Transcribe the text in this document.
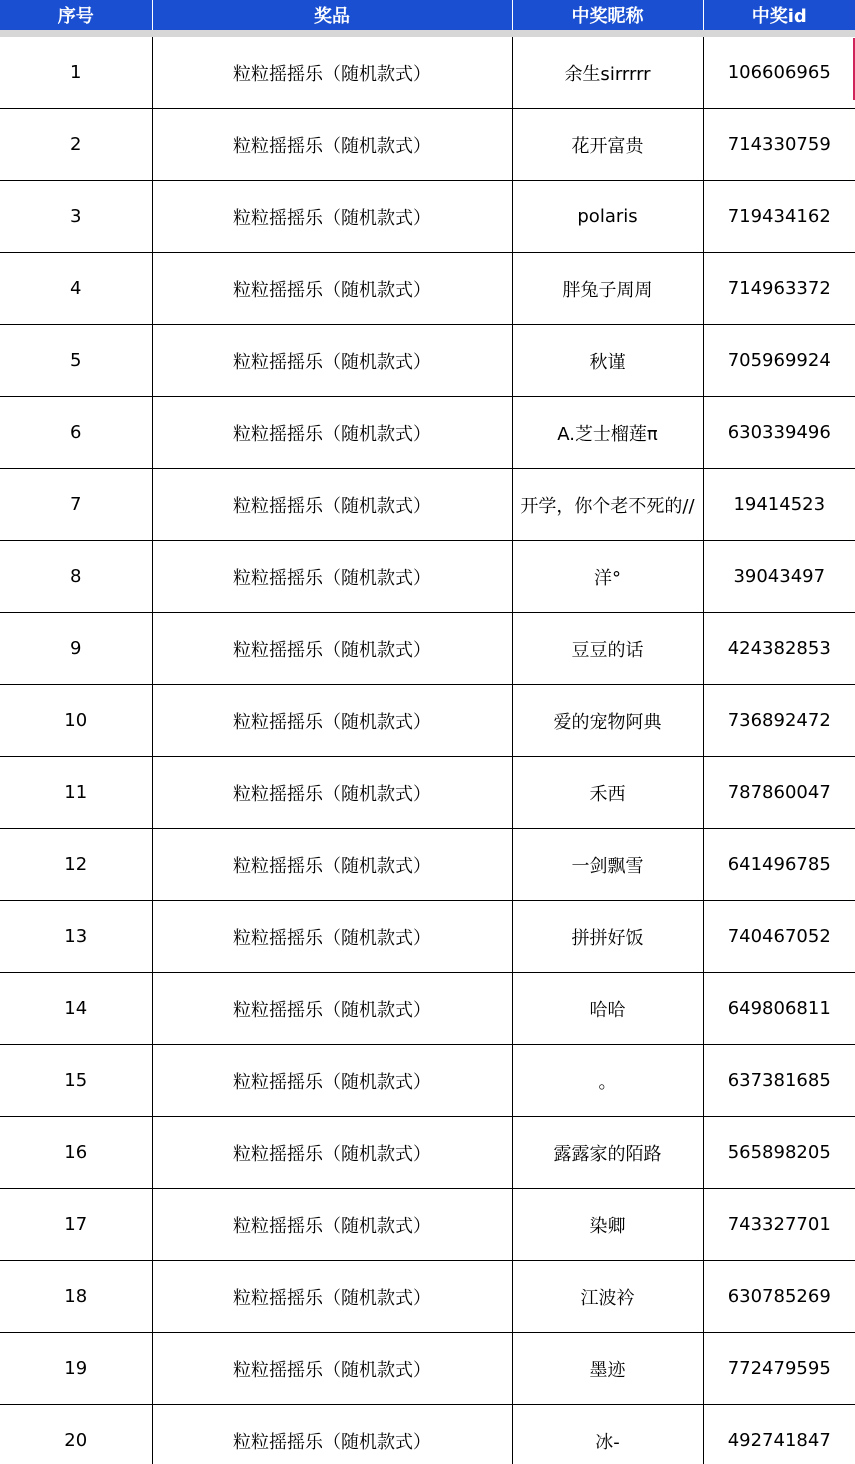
序号	奖品	中奖昵称	中奖id

1	粒粒摇摇乐（随机款式）	余生sirrrrr	106606965
2	粒粒摇摇乐（随机款式）	花开富贵	714330759
3	粒粒摇摇乐（随机款式）	polaris	719434162
4	粒粒摇摇乐（随机款式）	胖兔子周周	714963372
5	粒粒摇摇乐（随机款式）	秋谨	705969924
6	粒粒摇摇乐（随机款式）	A.芝士榴莲π	630339496
7	粒粒摇摇乐（随机款式）	开学，你个老不死的//	19414523
8	粒粒摇摇乐（随机款式）	洋°	39043497
9	粒粒摇摇乐（随机款式）	豆豆的话	424382853
10	粒粒摇摇乐（随机款式）	爱的宠物阿典	736892472
11	粒粒摇摇乐（随机款式）	禾西	787860047
12	粒粒摇摇乐（随机款式）	一剑飘雪	641496785
13	粒粒摇摇乐（随机款式）	拼拼好饭	740467052
14	粒粒摇摇乐（随机款式）	哈哈	649806811
15	粒粒摇摇乐（随机款式）	。	637381685
16	粒粒摇摇乐（随机款式）	露露家的陌路	565898205
17	粒粒摇摇乐（随机款式）	染卿	743327701
18	粒粒摇摇乐（随机款式）	江波衿	630785269
19	粒粒摇摇乐（随机款式）	墨迹	772479595
20	粒粒摇摇乐（随机款式）	冰-	492741847
